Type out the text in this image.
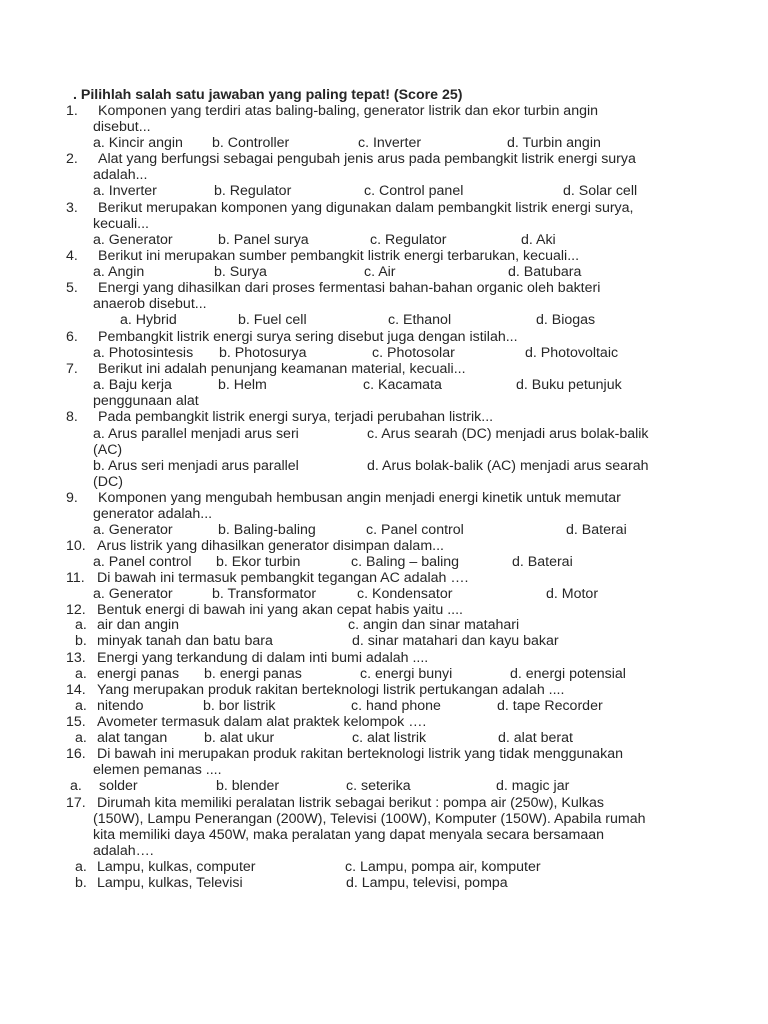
. Pilihlah salah satu jawaban yang paling tepat! (Score 25)
1. Komponen yang terdiri atas baling-baling, generator listrik dan ekor turbin angin
disebut...
a. Kincir angin b. Controller	c. Inverter	d. Turbin angin
2. Alat yang berfungsi sebagai pengubah jenis arus pada pembangkit listrik energi surya
adalah...
a. Inverter	b. Regulator	c. Control panel	d. Solar cell
3. Berikut merupakan komponen yang digunakan dalam pembangkit listrik energi surya,
kecuali...
a. Generator	b. Panel surya	c. Regulator	d. Aki
4. Berikut ini merupakan sumber pembangkit listrik energi terbarukan, kecuali...
a. Angin	b. Surya	c. Air	d. Batubara
5. Energi yang dihasilkan dari proses fermentasi bahan-bahan organic oleh bakteri
anaerob disebut...
a. Hybrid	b. Fuel cell	c. Ethanol	d. Biogas
6. Pembangkit listrik energi surya sering disebut juga dengan istilah...
a. Photosintesis b. Photosurya	c. Photosolar	d. Photovoltaic
7. Berikut ini adalah penunjang keamanan material, kecuali...
a. Baju kerja	b. Helm	c. Kacamata	d. Buku petunjuk
penggunaan alat
8. Pada pembangkit listrik energi surya, terjadi perubahan listrik...
a. Arus parallel menjadi arus seri	c. Arus searah (DC) menjadi arus bolak-balik
(AC)
b. Arus seri menjadi arus parallel	d. Arus bolak-balik (AC) menjadi arus searah
(DC)
9. Komponen yang mengubah hembusan angin menjadi energi kinetik untuk memutar
generator adalah...
a. Generator	b. Baling-baling	c. Panel control	d. Baterai
10. Arus listrik yang dihasilkan generator disimpan dalam...
a. Panel control b. Ekor turbin	c. Baling – baling	d. Baterai
11. Di bawah ini termasuk pembangkit tegangan AC adalah ….
a. Generator	b. Transformator	c. Kondensator	d. Motor
12. Bentuk energi di bawah ini yang akan cepat habis yaitu ....
a. air dan angin	c. angin dan sinar matahari
b. minyak tanah dan batu bara	d. sinar matahari dan kayu bakar
13. Energi yang terkandung di dalam inti bumi adalah ....
a. energi panas b. energi panas	c. energi bunyi	d. energi potensial
14. Yang merupakan produk rakitan berteknologi listrik pertukangan adalah ....
a. nitendo	b. bor listrik	c. hand phone	d. tape Recorder
15. Avometer termasuk dalam alat praktek kelompok ….
a. alat tangan	b. alat ukur	c. alat listrik	d. alat berat
16. Di bawah ini merupakan produk rakitan berteknologi listrik yang tidak menggunakan
elemen pemanas ....
a. solder	b. blender	c. seterika	d. magic jar
17. Dirumah kita memiliki peralatan listrik sebagai berikut : pompa air (250w), Kulkas
(150W), Lampu Penerangan (200W), Televisi (100W), Komputer (150W). Apabila rumah
kita memiliki daya 450W, maka peralatan yang dapat menyala secara bersamaan
adalah….
a. Lampu, kulkas, computer	c. Lampu, pompa air, komputer
b. Lampu, kulkas, Televisi	d. Lampu, televisi, pompa
